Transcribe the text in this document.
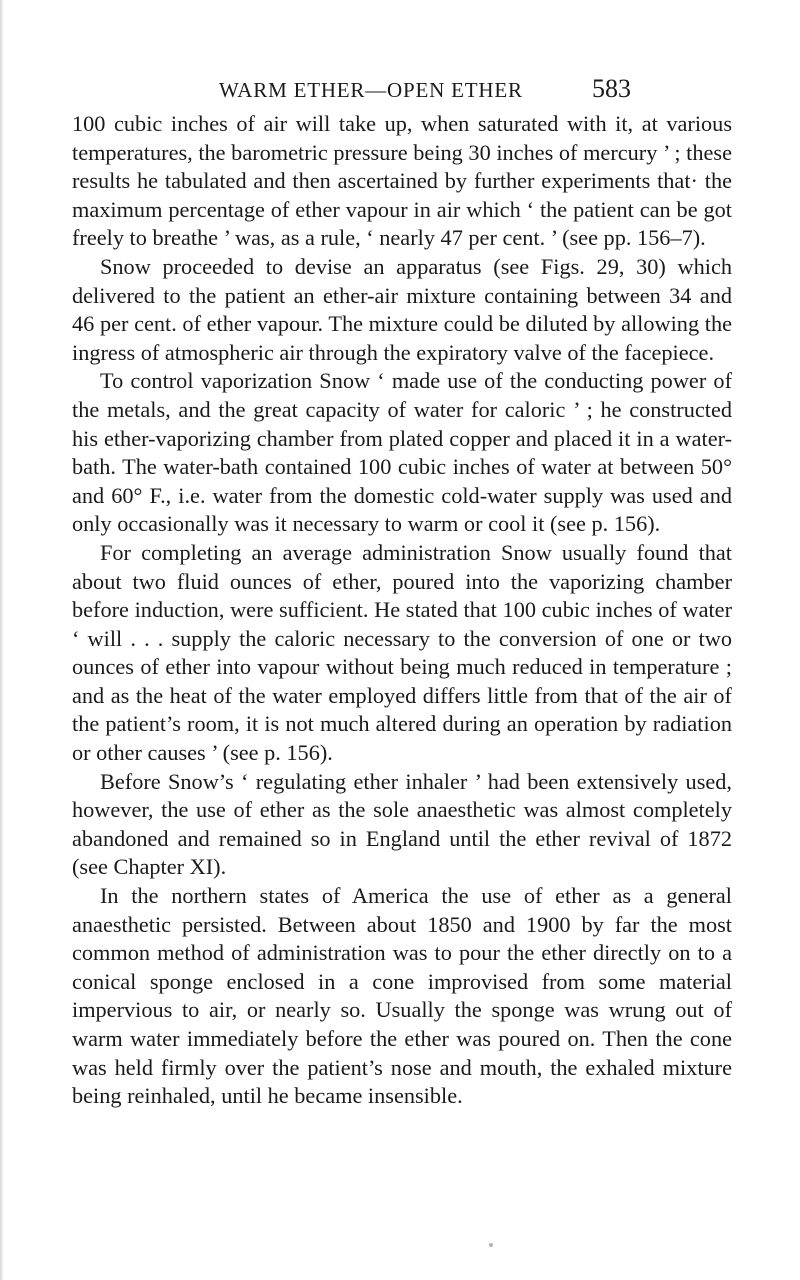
WARM ETHER—OPEN ETHER	583

100 cubic inches of air will take up, when saturated with it, at various temperatures, the barometric pressure being 30 inches of mercury ’ ; these results he tabulated and then ascertained by further experiments that· the maximum percentage of ether vapour in air which ‘ the patient can be got freely to breathe ’ was, as a rule, ‘ nearly 47 per cent. ’ (see pp. 156–7).

Snow proceeded to devise an apparatus (see Figs. 29, 30) which delivered to the patient an ether-air mixture containing between 34 and 46 per cent. of ether vapour. The mixture could be diluted by allowing the ingress of atmospheric air through the expiratory valve of the facepiece.

To control vaporization Snow ‘ made use of the conducting power of the metals, and the great capacity of water for caloric ’ ; he constructed his ether-vaporizing chamber from plated copper and placed it in a water-bath. The water-bath contained 100 cubic inches of water at between 50° and 60° F., i.e. water from the domestic cold-water supply was used and only occasionally was it necessary to warm or cool it (see p. 156).

For completing an average administration Snow usually found that about two fluid ounces of ether, poured into the vaporizing chamber before induction, were sufficient. He stated that 100 cubic inches of water ‘ will . . . supply the caloric necessary to the conversion of one or two ounces of ether into vapour without being much reduced in temperature ; and as the heat of the water employed differs little from that of the air of the patient’s room, it is not much altered during an operation by radiation or other causes ’ (see p. 156).

Before Snow’s ‘ regulating ether inhaler ’ had been extensively used, however, the use of ether as the sole anaesthetic was almost completely abandoned and remained so in England until the ether revival of 1872 (see Chapter XI).

In the northern states of America the use of ether as a general anaesthetic persisted. Between about 1850 and 1900 by far the most common method of administration was to pour the ether directly on to a conical sponge enclosed in a cone improvised from some material impervious to air, or nearly so. Usually the sponge was wrung out of warm water immediately before the ether was poured on. Then the cone was held firmly over the patient’s nose and mouth, the exhaled mixture being reinhaled, until he became insensible.
